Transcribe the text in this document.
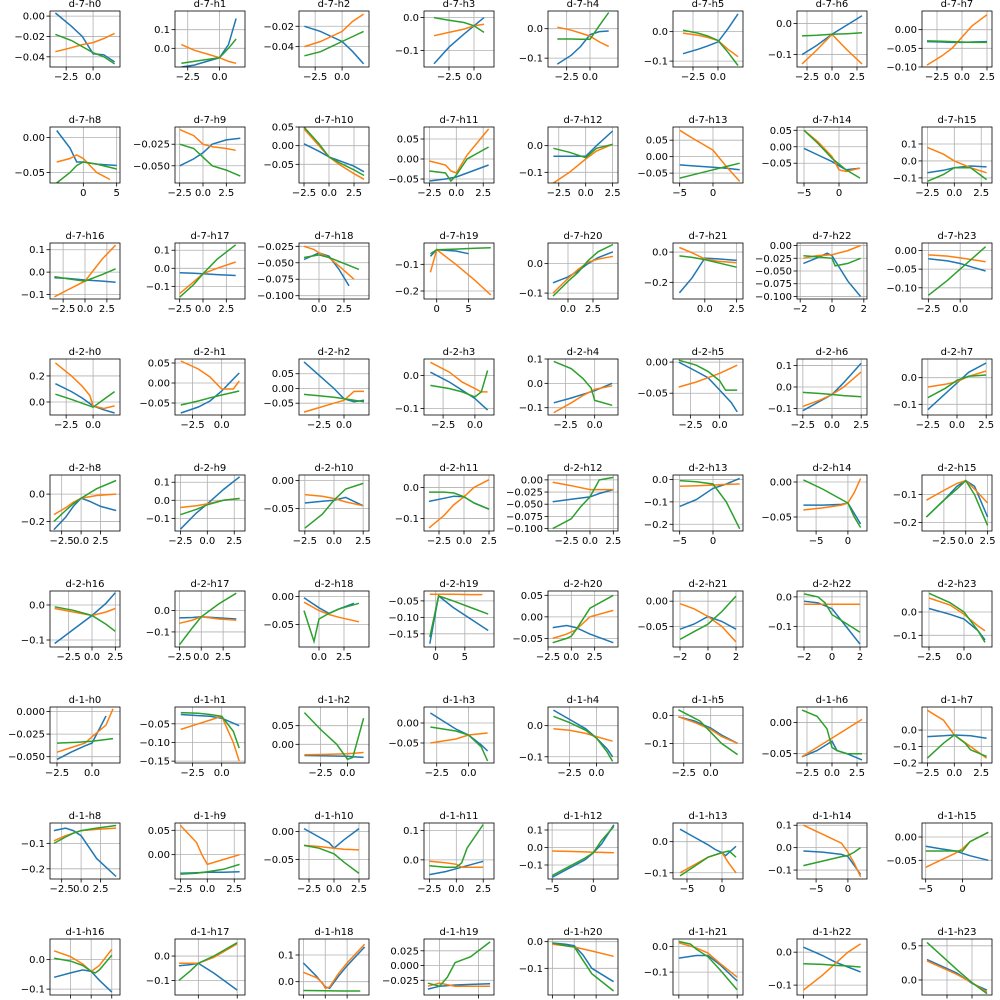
d-7-h0
−2.5 0.0
0.00
−0.02
−0.04
d-7-h1
−2.5 0.0
0.1
0.0
d-7-h2
−2.5 0.0
−0.02
−0.04
d-7-h3
−2.5 0.0
0.0
−0.1
d-7-h4
−2.5 0.0
0.0
−0.1
d-7-h5
−2.5 0.0
0.0
−0.1
d-7-h6
−2.5 0.0 2.5
0.0
−0.1
d-7-h7
−2.5 0.0 2.5
0.00
−0.05
−0.10
d-7-h8
0	5
0.00
−0.05
d-7-h9
−2.5 0.0 2.5
−0.025
−0.050
d-7-h10
−2.5 0.0 2.5
0.05
0.00
−0.05
d-7-h11
−2.5 0.0 2.5
0.05
0.00
−0.05
d-7-h12
−2.5 0.0 2.5
0.0
−0.1
d-7-h13
−5 0
0.05
0.00
−0.05
d-7-h14
−5 0
0.05
0.00
−0.05
d-7-h15
−2.5 0.0 2.5
0.1
0.0
−0.1
d-7-h16
−2.5 0.0 2.5
0.1
0.0
−0.1
d-7-h17
−2.5 0.0 2.5
0.1
0.0
−0.1
d-7-h18
0.0 2.5
−0.025
−0.050
−0.075
−0.100
d-7-h19
0	5
−0.1
−0.2
d-7-h20
0.0 2.5
0.0
−0.1
d-7-h21
0.0 2.5
0.0
−0.2
d-7-h22
−2 0	2
0.00
−0.025
−0.050
−0.075
−0.100
d-7-h23
−2.5 0.0
0.00
−0.05
−0.10
d-2-h0
−2.5 0.0
0.2
0.0
d-2-h1
−2.5 0.0
0.05
0.00
−0.05
d-2-h2
−2.5 0.0
0.05
0.00
−0.05
d-2-h3
−2.5 0.0
0.0
−0.1
d-2-h4
−2.5 0.0
0.1
0.0
−0.1
d-2-h5
−2.5 0.0
0.00
−0.05
d-2-h6
−2.5 0.0 2.5
0.1
0.0
−0.1
d-2-h7
−2.5 0.0 2.5
0.0
−0.1
d-2-h8
−2.5 0.0 2.5
0.0
−0.2
d-2-h9
−2.5 0.0 2.5
0.1
0.0
−0.1
d-2-h10
−2.5 0.0 2.5
0.00
−0.05
d-2-h11
−2.5 0.0 2.5
0.0
−0.1
d-2-h12
−2.5 0.0 2.5
0.00
−0.025
−0.050
−0.075
−0.100
d-2-h13
−5 0
0.0
−0.1
−0.2
d-2-h14
−5 0
0.00
−0.05
d-2-h15
−2.5 0.0 2.5
−0.1
−0.2
d-2-h16
−2.5 0.0 2.5
0.0
−0.1
d-2-h17
−2.5 0.0 2.5
0.0
−0.1
d-2-h18
0.0 2.5
0.00
−0.05
d-2-h19
0 5
−0.05
−0.10
−0.15
d-2-h20
−2.5 0.0 2.5
0.05
0.00
−0.05
d-2-h21
−2 0 2
0.00
−0.05
d-2-h22
−2 0 2
0.0
−0.1
d-2-h23
−2.5 0.0
0.0
−0.1
d-1-h0
−2.5 0.0
0.000
−0.025
−0.050
d-1-h1
−2.5 0.0
−0.05
−0.10
−0.15
d-1-h2
−2.5 0.0
0.05
0.00
d-1-h3
−2.5 0.0
0.00
−0.05
d-1-h4
−2.5 0.0
0.0
−0.1
d-1-h5
−2.5 0.0
0.0
−0.1
d-1-h6
−2.5 0.0 2.5
0.00
−0.05
d-1-h7
−2.5 0.0 2.5
0.0
−0.1
−0.2
d-1-h8
−2.5 0.0 2.5
−0.1
−0.2
d-1-h9
−2.5 0.0 2.5
0.05
0.00
d-1-h10
−2.5 0.0 2.5
0.00
−0.05
d-1-h11
−2.5 0.0 2.5
0.1
0.0
d-1-h12
−5	0
0.1
0.0
−0.1
d-1-h13
−5 0
0.0
−0.1
d-1-h14
−5 0
0.1
0.0
−0.1
d-1-h15
−5	0
0.00
−0.05
d-1-h16
0.0
−0.1
d-1-h17
0.0
−0.1
d-1-h18
0.1
0.0
d-1-h19
0.025
0.000
−0.025
d-1-h20
0.0
−0.1
d-1-h21
0.0
−0.1
d-1-h22
0.0
−0.1
d-1-h23
0.5
0.0
